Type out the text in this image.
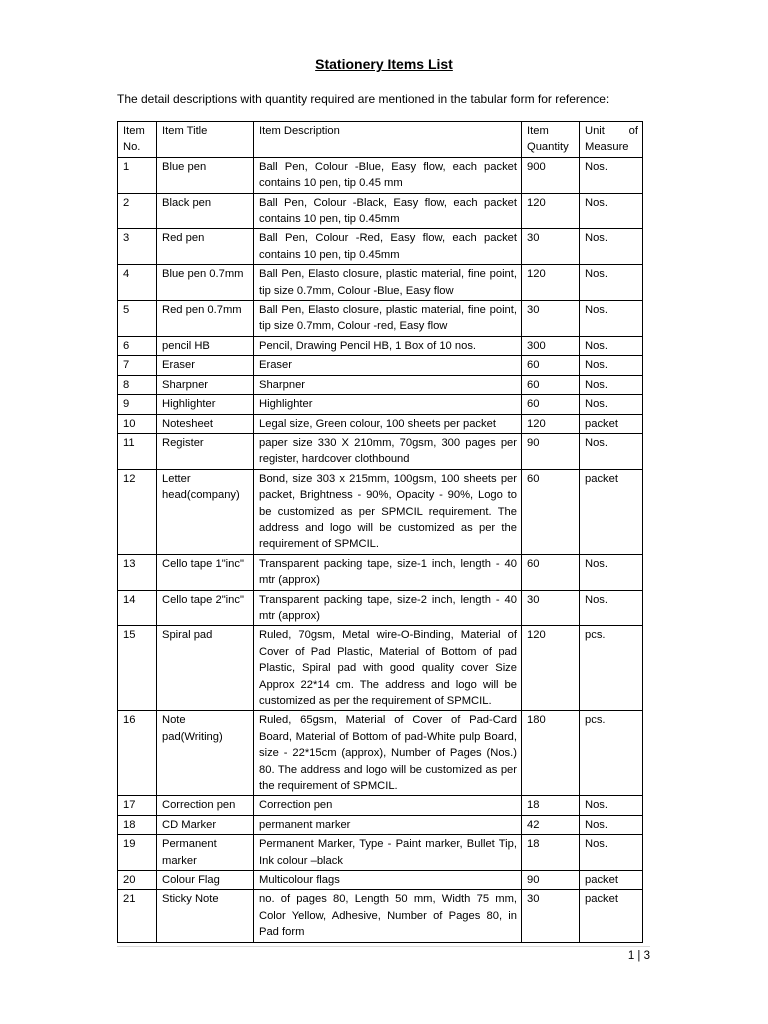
Stationery Items List
The detail descriptions with quantity required are mentioned in the tabular form for reference:
Item No.	Item Title	Item Description	Item Quantity	Unit of Measure
1	Blue pen	Ball Pen, Colour -Blue, Easy flow, each packet contains 10 pen, tip 0.45 mm	900	Nos.
2	Black pen	Ball Pen, Colour -Black, Easy flow, each packet contains 10 pen, tip 0.45mm	120	Nos.
3	Red pen	Ball Pen, Colour -Red, Easy flow, each packet contains 10 pen, tip 0.45mm	30	Nos.
4	Blue pen 0.7mm	Ball Pen, Elasto closure, plastic material, fine point, tip size 0.7mm, Colour -Blue, Easy flow	120	Nos.
5	Red pen 0.7mm	Ball Pen, Elasto closure, plastic material, fine point, tip size 0.7mm, Colour -red, Easy flow	30	Nos.
6	pencil HB	Pencil, Drawing Pencil HB, 1 Box of 10 nos.	300	Nos.
7	Eraser	Eraser	60	Nos.
8	Sharpner	Sharpner	60	Nos.
9	Highlighter	Highlighter	60	Nos.
10	Notesheet	Legal size, Green colour, 100 sheets per packet	120	packet
11	Register	paper size 330 X 210mm, 70gsm, 300 pages per register, hardcover clothbound	90	Nos.
12	Letter head(company)	Bond, size 303 x 215mm, 100gsm, 100 sheets per packet, Brightness - 90%, Opacity - 90%, Logo to be customized as per SPMCIL requirement. The address and logo will be customized as per the requirement of SPMCIL.	60	packet
13	Cello tape 1"inc"	Transparent packing tape, size-1 inch, length - 40 mtr (approx)	60	Nos.
14	Cello tape 2"inc"	Transparent packing tape, size-2 inch, length - 40 mtr (approx)	30	Nos.
15	Spiral pad	Ruled, 70gsm, Metal wire-O-Binding, Material of Cover of Pad Plastic, Material of Bottom of pad Plastic, Spiral pad with good quality cover Size Approx 22*14 cm. The address and logo will be customized as per the requirement of SPMCIL.	120	pcs.
16	Note pad(Writing)	Ruled, 65gsm, Material of Cover of Pad-Card Board, Material of Bottom of pad-White pulp Board, size - 22*15cm (approx), Number of Pages (Nos.) 80. The address and logo will be customized as per the requirement of SPMCIL.	180	pcs.
17	Correction pen	Correction pen	18	Nos.
18	CD Marker	permanent marker	42	Nos.
19	Permanent marker	Permanent Marker, Type - Paint marker, Bullet Tip, Ink colour –black	18	Nos.
20	Colour Flag	Multicolour flags	90	packet
21	Sticky Note	no. of pages 80, Length 50 mm, Width 75 mm, Color Yellow, Adhesive, Number of Pages 80, in Pad form	30	packet
1 | 3
